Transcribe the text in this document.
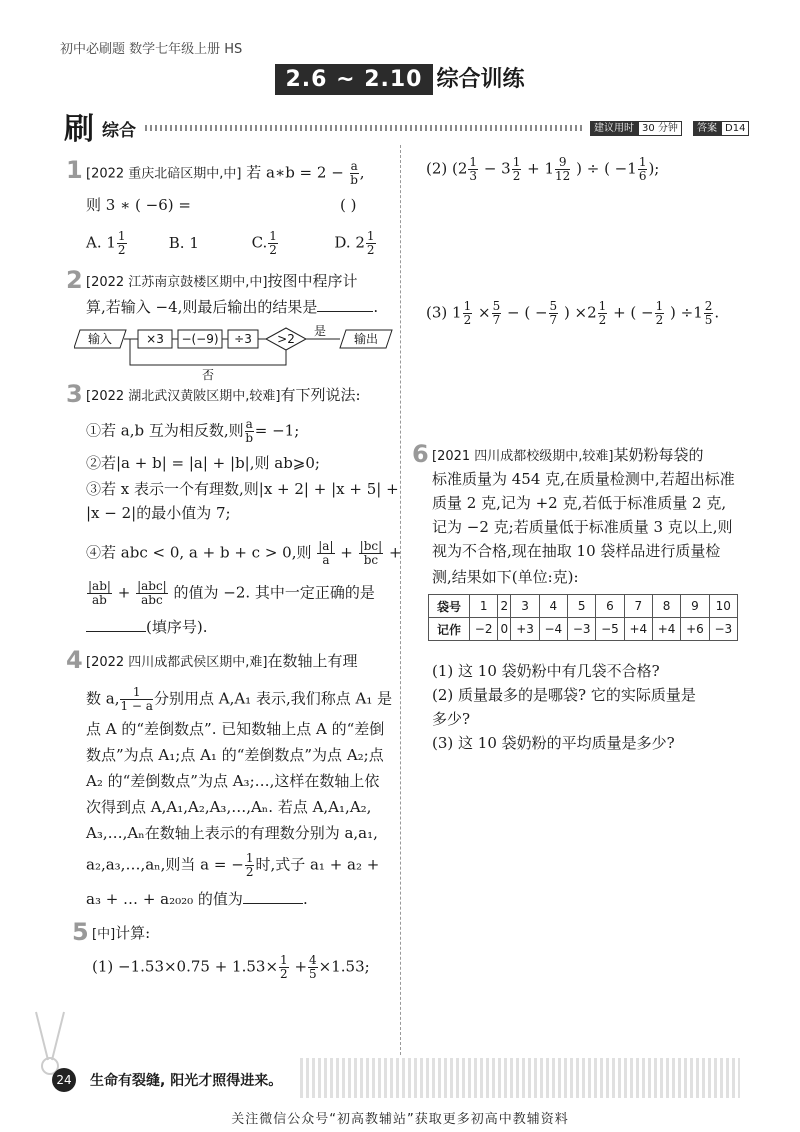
初中必刷题 数学七年级上册 HS
2.6 ~ 2.10 综合训练
刷 综合	建议用时 30 分钟 答案 D14
1 [2022 重庆北碚区期中,中] 若 a∗b = $2 - \frac{a}{b}$ ,
则 3 ∗ ( −6) =	( )
A. $1 \frac{1}{2}$	B. 1	C. $\frac{1}{2}$	D. $2 \frac{1}{2}$
2 [2022 江苏南京鼓楼区期中,中]按图中程序计
算,若输入 −4,则最后输出的结果是	.
输入	×3 −(−9) ÷3 >2
是
输出
否
3 [2022 湖北武汉黄陂区期中,较难]有下列说法:
①若 a,b 互为相反数,则 $\frac{a}{b} = -1$;
②若|a + b| = |a| + |b|,则 ab⩾0;
③若 x 表示一个有理数,则|x + 2| + |x + 5| +
|x − 2|的最小值为 7;
④若 abc < 0, a + b + c > 0,则 $\frac{|a|}{a} + \frac{|bc|}{bc}$ +
$\frac{|ab|}{ab} + \frac{\text{|abc|}}{\text{abc}}$ 的值为 −2. 其中一定正确的是
(填序号).
4 [2022 四川成都武侯区期中,难]在数轴上有理
数 a, $\frac{1}{1 - a}$ 分别用点 A,A₁ 表示,我们称点 A₁ 是
点 A 的“差倒数点”. 已知数轴上点 A 的“差倒
数点”为点 A₁;点 A₁ 的“差倒数点”为点 A₂;点
A₂ 的“差倒数点”为点 A₃;…,这样在数轴上依
次得到点 A,A₁,A₂,A₃,…,Aₙ. 若点 A,A₁,A₂,
A₃,…,Aₙ在数轴上表示的有理数分别为 a,a₁,
a₂,a₃,…,aₙ,则当 a = − $\frac{1}{2}$ 时,式子 a₁ + a₂ +
a₃ + … + a₂₀₂₀ 的值为	.
5 [中]计算:
$(1) -1.53\times 0.75 + 1.53\times \frac{1}{2} + \frac{4}{5} \times 1.53$;
(2) ($2 \frac{1}{3} - 3 \frac{1}{2} + 1 \frac{9}{12}$ ) ÷ ( $-1 \frac{1}{6}$ );
(3) $1 \frac{1}{2} \times \frac{5}{7}$ − ( − $\frac{5}{7}$ ) $\times 2 \frac{1}{2}$ + ( − $\frac{1}{2}$ ) $\div 1 \frac{2}{5}$ .
6 [2021 四川成都校级期中,较难]某奶粉每袋的
标准质量为 454 克,在质量检测中,若超出标准
质量 2 克,记为 +2 克,若低于标准质量 2 克,
记为 −2 克;若质量低于标准质量 3 克以上,则
视为不合格,现在抽取 10 袋样品进行质量检
测,结果如下(单位:克):
袋号	1	2	3	4	5	6	7	8	9	10
记作	−2	0	+3	−4	−3	−5	+4	+4	+6	−3
(1) 这 10 袋奶粉中有几袋不合格?
(2) 质量最多的是哪袋? 它的实际质量是
多少?
(3) 这 10 袋奶粉的平均质量是多少?
24	生命有裂缝, 阳光才照得进来。
关注微信公众号“初高教辅站”获取更多初高中教辅资料
